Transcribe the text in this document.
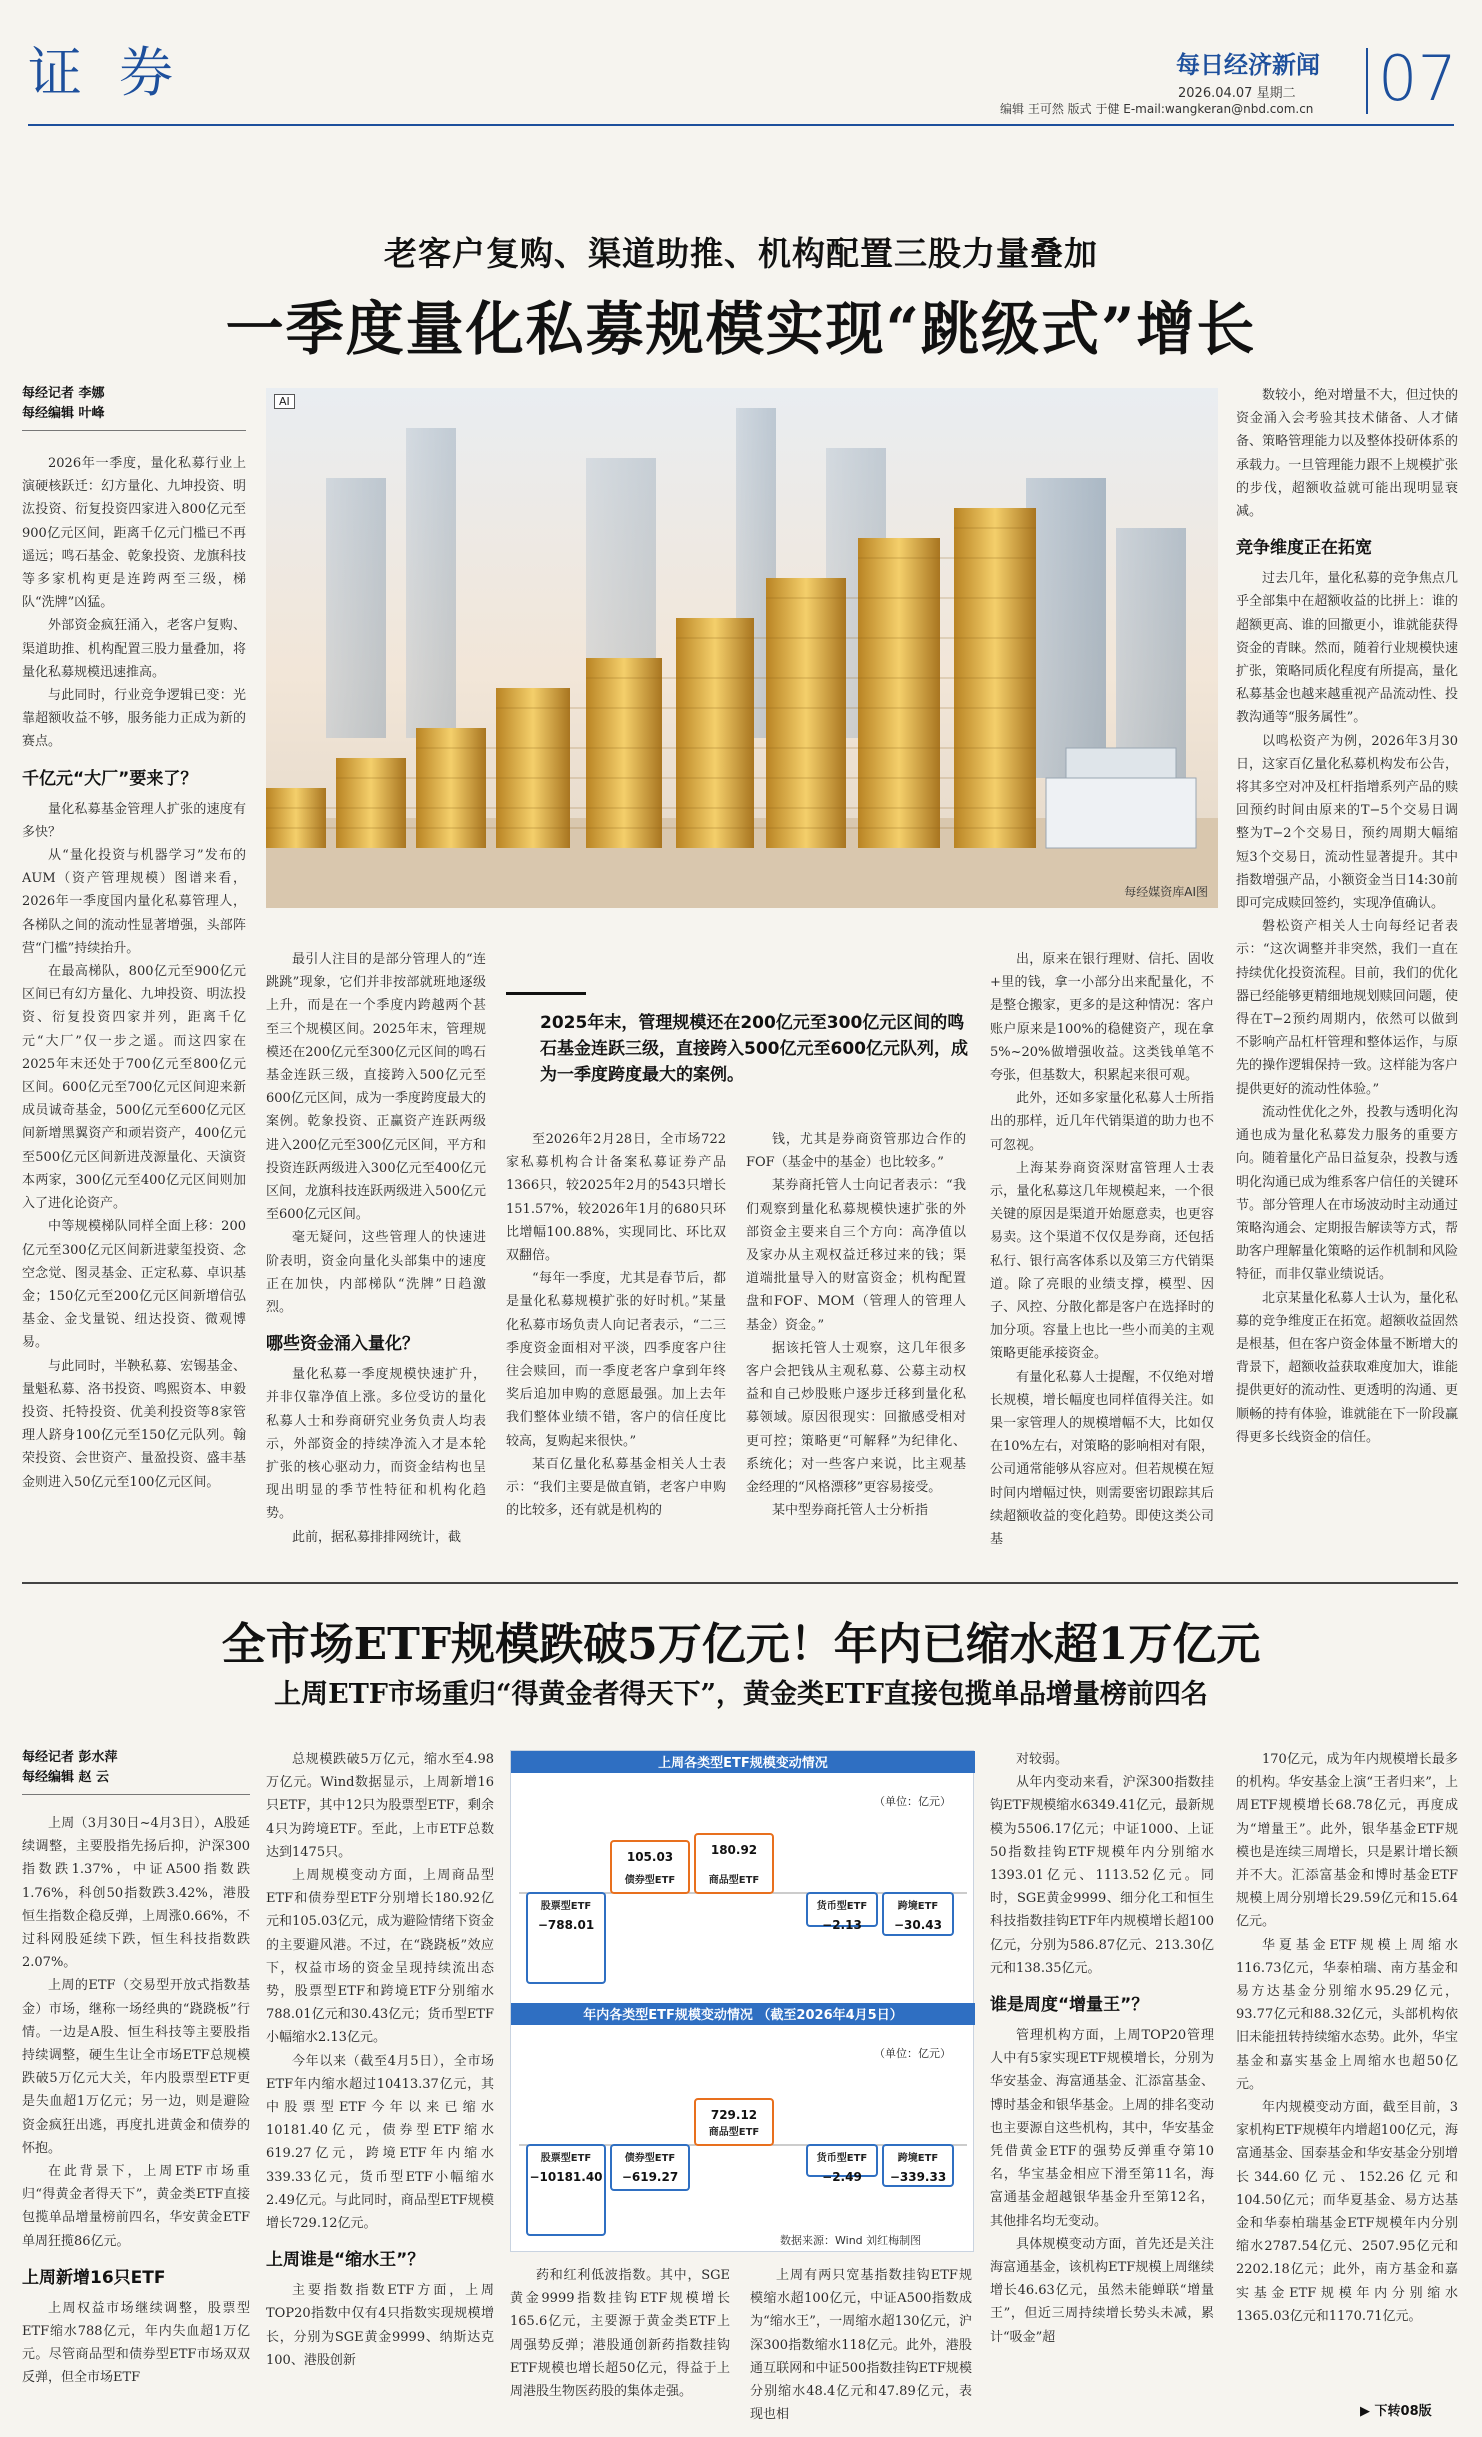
证 券	每日经济新闻
2026.04.07 星期二
编辑 王可然 版式 于健 E-mail:wangkeran@nbd.com.cn 07
老客户复购、渠道助推、机构配置三股力量叠加
一季度量化私募规模实现“跳级式”增长
AI
每经媒资库AI图
每经记者 李娜
每经编辑 叶峰

2026年一季度，量化私募行业上演硬核跃迁：幻方量化、九坤投资、明汯投资、衍复投资四家进入800亿元至900亿元区间，距离千亿元门槛已不再遥远；鸣石基金、乾象投资、龙旗科技等多家机构更是连跨两至三级，梯队“洗牌”凶猛。

外部资金疯狂涌入，老客户复购、渠道助推、机构配置三股力量叠加，将量化私募规模迅速推高。

与此同时，行业竞争逻辑已变：光靠超额收益不够，服务能力正成为新的赛点。

千亿元“大厂”要来了？

量化私募基金管理人扩张的速度有多快？

从“量化投资与机器学习”发布的AUM（资产管理规模）图谱来看，2026年一季度国内量化私募管理人，各梯队之间的流动性显著增强，头部阵营“门槛”持续抬升。

在最高梯队，800亿元至900亿元区间已有幻方量化、九坤投资、明汯投资、衍复投资四家并列，距离千亿元“大厂”仅一步之遥。而这四家在2025年末还处于700亿元至800亿元区间。600亿元至700亿元区间迎来新成员诚奇基金，500亿元至600亿元区间新增黑翼资产和顽岩资产，400亿元至500亿元区间新进茂源量化、天演资本两家，300亿元至400亿元区间则加入了进化论资产。

中等规模梯队同样全面上移：200亿元至300亿元区间新进蒙玺投资、念空念觉、图灵基金、正定私募、卓识基金；150亿元至200亿元区间新增信弘基金、金戈量锐、纽达投资、微观博易。

与此同时，半鞅私募、宏锡基金、量魁私募、洛书投资、鸣熙资本、申毅投资、托特投资、优美利投资等8家管理人跻身100亿元至150亿元队列。翰荣投资、会世资产、量盈投资、盛丰基金则进入50亿元至100亿元区间。

最引人注目的是部分管理人的“连跳跳”现象，它们并非按部就班地逐级上升，而是在一个季度内跨越两个甚至三个规模区间。2025年末，管理规模还在200亿元至300亿元区间的鸣石基金连跃三级，直接跨入500亿元至600亿元区间，成为一季度跨度最大的案例。乾象投资、正赢资产连跃两级进入200亿元至300亿元区间，平方和投资连跃两级进入300亿元至400亿元区间，龙旗科技连跃两级进入500亿元至600亿元区间。

毫无疑问，这些管理人的快速进阶表明，资金向量化头部集中的速度正在加快，内部梯队“洗牌”日趋激烈。

哪些资金涌入量化？

量化私募一季度规模快速扩升，并非仅靠净值上涨。多位受访的量化私募人士和券商研究业务负责人均表示，外部资金的持续净流入才是本轮扩张的核心驱动力，而资金结构也呈现出明显的季节性特征和机构化趋势。

此前，据私募排排网统计，截

2025年末，管理规模还在200亿元至300亿元区间的鸣石基金连跃三级，直接跨入500亿元至600亿元队列，成为一季度跨度最大的案例。

至2026年2月28日，全市场722家私募机构合计备案私募证券产品1366只，较2025年2月的543只增长151.57%，较2026年1月的680只环比增幅100.88%，实现同比、环比双双翻倍。

“每年一季度，尤其是春节后，都是量化私募规模扩张的好时机。”某量化私募市场负责人向记者表示，“二三季度资金面相对平淡，四季度客户往往会赎回，而一季度老客户拿到年终奖后追加申购的意愿最强。加上去年我们整体业绩不错，客户的信任度比较高，复购起来很快。”

某百亿量化私募基金相关人士表示：“我们主要是做直销，老客户申购的比较多，还有就是机构的

钱，尤其是券商资管那边合作的FOF（基金中的基金）也比较多。”

某券商托管人士向记者表示：“我们观察到量化私募规模快速扩张的外部资金主要来自三个方向：高净值以及家办从主观权益迁移过来的钱；渠道端批量导入的财富资金；机构配置盘和FOF、MOM（管理人的管理人基金）资金。”

据该托管人士观察，这几年很多客户会把钱从主观私募、公募主动权益和自己炒股账户逐步迁移到量化私募领域。原因很现实：回撤感受相对更可控；策略更“可解释”为纪律化、系统化；对一些客户来说，比主观基金经理的“风格漂移”更容易接受。

某中型券商托管人士分析指

出，原来在银行理财、信托、固收+里的钱，拿一小部分出来配量化，不是整仓搬家，更多的是这种情况：客户账户原来是100%的稳健资产，现在拿5%~20%做增强收益。这类钱单笔不夸张，但基数大，积累起来很可观。

此外，还如多家量化私募人士所指出的那样，近几年代销渠道的助力也不可忽视。

上海某券商资深财富管理人士表示，量化私募这几年规模起来，一个很关键的原因是渠道开始愿意卖，也更容易卖。这个渠道不仅仅是券商，还包括私行、银行高客体系以及第三方代销渠道。除了亮眼的业绩支撑，模型、因子、风控、分散化都是客户在选择时的加分项。容量上也比一些小而美的主观策略更能承接资金。

有量化私募人士提醒，不仅绝对增长规模，增长幅度也同样值得关注。如果一家管理人的规模增幅不大，比如仅在10%左右，对策略的影响相对有限，公司通常能够从容应对。但若规模在短时间内增幅过快，则需要密切跟踪其后续超额收益的变化趋势。即使这类公司基

数较小，绝对增量不大，但过快的资金涌入会考验其技术储备、人才储备、策略管理能力以及整体投研体系的承载力。一旦管理能力跟不上规模扩张的步伐，超额收益就可能出现明显衰减。

竞争维度正在拓宽

过去几年，量化私募的竞争焦点几乎全部集中在超额收益的比拼上：谁的超额更高、谁的回撤更小，谁就能获得资金的青睐。然而，随着行业规模快速扩张，策略同质化程度有所提高，量化私募基金也越来越重视产品流动性、投教沟通等“服务属性”。

以鸣松资产为例，2026年3月30日，这家百亿量化私募机构发布公告，将其多空对冲及杠杆指增系列产品的赎回预约时间由原来的T−5个交易日调整为T−2个交易日，预约周期大幅缩短3个交易日，流动性显著提升。其中指数增强产品，小额资金当日14:30前即可完成赎回签约，实现净值确认。

磐松资产相关人士向每经记者表示：“这次调整并非突然，我们一直在持续优化投资流程。目前，我们的优化器已经能够更精细地规划赎回问题，使得在T−2预约周期内，依然可以做到不影响产品杠杆管理和整体运作，与原先的操作逻辑保持一致。这样能为客户提供更好的流动性体验。”

流动性优化之外，投教与透明化沟通也成为量化私募发力服务的重要方向。随着量化产品日益复杂，投教与透明化沟通已成为维系客户信任的关键环节。部分管理人在市场波动时主动通过策略沟通会、定期报告解读等方式，帮助客户理解量化策略的运作机制和风险特征，而非仅靠业绩说话。

北京某量化私募人士认为，量化私募的竞争维度正在拓宽。超额收益固然是根基，但在客户资金体量不断增大的背景下，超额收益获取难度加大，谁能提供更好的流动性、更透明的沟通、更顺畅的持有体验，谁就能在下一阶段赢得更多长线资金的信任。

全市场ETF规模跌破5万亿元！年内已缩水超1万亿元
上周ETF市场重归“得黄金者得天下”，黄金类ETF直接包揽单品增量榜前四名
每经记者 彭水萍
每经编辑 赵 云

上周（3月30日~4月3日），A股延续调整，主要股指先扬后抑，沪深300指数跌1.37%，中证A500指数跌1.76%，科创50指数跌3.42%，港股恒生指数企稳反弹，上周涨0.66%，不过科网股延续下跌，恒生科技指数跌2.07%。

上周的ETF（交易型开放式指数基金）市场，继称一场经典的“跷跷板”行情。一边是A股、恒生科技等主要股指持续调整，硬生生让全市场ETF总规模跌破5万亿元大关，年内股票型ETF更是失血超1万亿元；另一边，则是避险资金疯狂出逃，再度扎进黄金和债券的怀抱。

在此背景下，上周ETF市场重归“得黄金者得天下”，黄金类ETF直接包揽单品增量榜前四名，华安黄金ETF单周狂揽86亿元。

上周新增16只ETF

上周权益市场继续调整，股票型ETF缩水788亿元，年内失血超1万亿元。尽管商品型和债券型ETF市场双双反弹，但全市场ETF

总规模跌破5万亿元，缩水至4.98万亿元。Wind数据显示，上周新增16只ETF，其中12只为股票型ETF，剩余4只为跨境ETF。至此，上市ETF总数达到1475只。

上周规模变动方面，上周商品型ETF和债券型ETF分别增长180.92亿元和105.03亿元，成为避险情绪下资金的主要避风港。不过，在“跷跷板”效应下，权益市场的资金呈现持续流出态势，股票型ETF和跨境ETF分别缩水788.01亿元和30.43亿元；货币型ETF小幅缩水2.13亿元。

今年以来（截至4月5日），全市场ETF年内缩水超过10413.37亿元，其中股票型ETF今年以来已缩水10181.40亿元，债券型ETF缩水619.27亿元，跨境ETF年内缩水339.33亿元，货币型ETF小幅缩水2.49亿元。与此同时，商品型ETF规模增长729.12亿元。

上周谁是“缩水王”？

主要指数指数ETF方面，上周TOP20指数中仅有4只指数实现规模增长，分别为SGE黄金9999、纳斯达克100、港股创新

上周各类型ETF规模变动情况
（单位：亿元）
股票型ETF
−788.01
债券型ETF
105.03
商品型ETF
180.92
货币型ETF
−2.13
跨境ETF
−30.43
年内各类型ETF规模变动情况 （截至2026年4月5日）
（单位：亿元）
股票型ETF
−10181.40
债券型ETF
−619.27
商品型ETF
729.12
货币型ETF
−2.49
跨境ETF
−339.33
数据来源：Wind 刘红梅制图

药和红利低波指数。其中，SGE黄金9999指数挂钩ETF规模增长165.6亿元，主要源于黄金类ETF上周强势反弹；港股通创新药指数挂钩ETF规模也增长超50亿元，得益于上周港股生物医药股的集体走强。

上周有两只宽基指数挂钩ETF规模缩水超100亿元，中证A500指数成为“缩水王”，一周缩水超130亿元，沪深300指数缩水118亿元。此外，港股通互联网和中证500指数挂钩ETF规模分别缩水48.4亿元和47.89亿元，表现也相

对较弱。

从年内变动来看，沪深300指数挂钩ETF规模缩水6349.41亿元，最新规模为5506.17亿元；中证1000、上证50指数挂钩ETF规模年内分别缩水1393.01亿元、1113.52亿元。同时，SGE黄金9999、细分化工和恒生科技指数挂钩ETF年内规模增长超100亿元，分别为586.87亿元、213.30亿元和138.35亿元。

谁是周度“增量王”？

管理机构方面，上周TOP20管理人中有5家实现ETF规模增长，分别为华安基金、海富通基金、汇添富基金、博时基金和银华基金。上周的排名变动也主要源自这些机构，其中，华安基金凭借黄金ETF的强势反弹重夺第10名，华宝基金相应下滑至第11名，海富通基金超越银华基金升至第12名，其他排名均无变动。

具体规模变动方面，首先还是关注海富通基金，该机构ETF规模上周继续增长46.63亿元，虽然未能蝉联“增量王”，但近三周持续增长势头未减，累计“吸金”超

170亿元，成为年内规模增长最多的机构。华安基金上演“王者归来”，上周ETF规模增长68.78亿元，再度成为“增量王”。此外，银华基金ETF规模也是连续三周增长，只是累计增长额并不大。汇添富基金和博时基金ETF规模上周分别增长29.59亿元和15.64亿元。

华夏基金ETF规模上周缩水116.73亿元，华泰柏瑞、南方基金和易方达基金分别缩水95.29亿元，93.77亿元和88.32亿元，头部机构依旧未能扭转持续缩水态势。此外，华宝基金和嘉实基金上周缩水也超50亿元。

年内规模变动方面，截至目前，3家机构ETF规模年内增超100亿元，海富通基金、国泰基金和华安基金分别增长344.60亿元、152.26亿元和104.50亿元；而华夏基金、易方达基金和华泰柏瑞基金ETF规模年内分别缩水2787.54亿元、2507.95亿元和2202.18亿元；此外，南方基金和嘉实基金ETF规模年内分别缩水1365.03亿元和1170.71亿元。

▶ 下转08版
